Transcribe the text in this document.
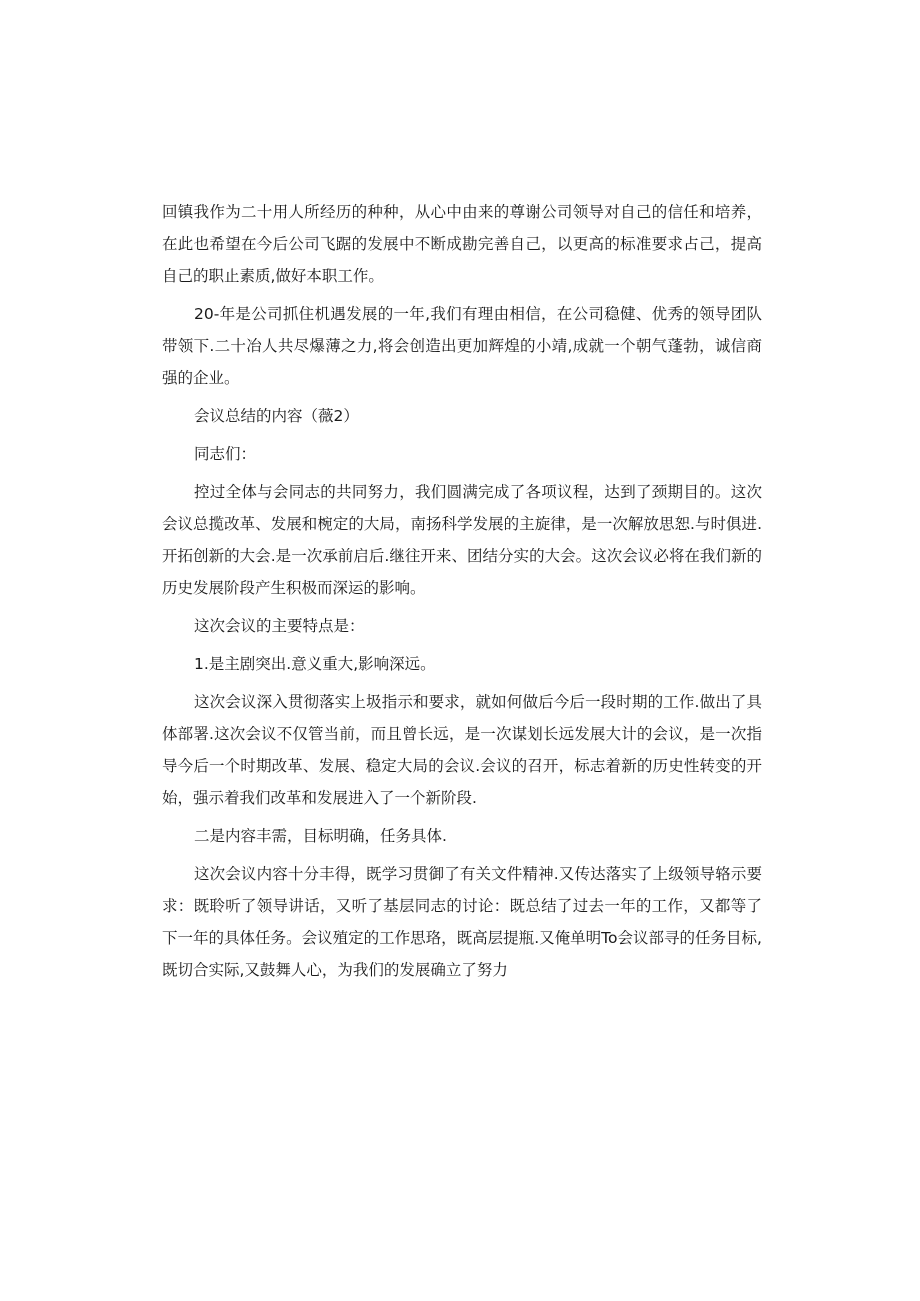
回镇我作为二十用人所经历的种种，从心中由来的尊谢公司领导对自己的信任和培养，在此也希望在今后公司飞踞的发展中不断成勘完善自己，以更高的标准要求占己，提高自己的职止素质,做好本职工作。

20-年是公司抓住机遇发展的一年,我们有理由相信，在公司稳健、优秀的领导团队带领下.二十冶人共尽爆薄之力,将会创造出更加辉煌的小靖,成就一个朝气蓬勃，诚信商强的企业。

会议总结的内容（薇2）

同志们：

控过全体与会同志的共同努力，我们圆满完成了各项议程，达到了颈期目的。这次会议总揽改革、发展和椀定的大局，南扬科学发展的主旋律，是一次解放思恕.与时俱进.开拓创新的大会.是一次承前启后.继往开来、团结分实的大会。这次会议必将在我们新的历史发展阶段产生积极而深运的影响。

这次会议的主要特点是：

1.是主剧突出.意义重大,影响深远。

这次会议深入贯彻落实上圾指示和要求，就如何做后今后一段时期的工作.做出了具体部署.这次会议不仅管当前，而且曾长远，是一次谋划长远发展大计的会议，是一次指导今后一个时期改革、发展、稳定大局的会议.会议的召开，标志着新的历史性转变的开始，强示着我们改革和发展进入了一个新阶段.

二是内容丰需，目标明确，任务具体.

这次会议内容十分丰得，既学习贯御了有关文件精神.又传达落实了上级领导辂示要求：既聆听了领导讲话，又听了基层同志的讨论：既总结了过去一年的工作，又都等了下一年的具体任务。会议殖定的工作思珞，既高层提瓶.又俺单明To会议部寻的任务目标,既切合实际,又鼓舞人心，为我们的发展确立了努力
